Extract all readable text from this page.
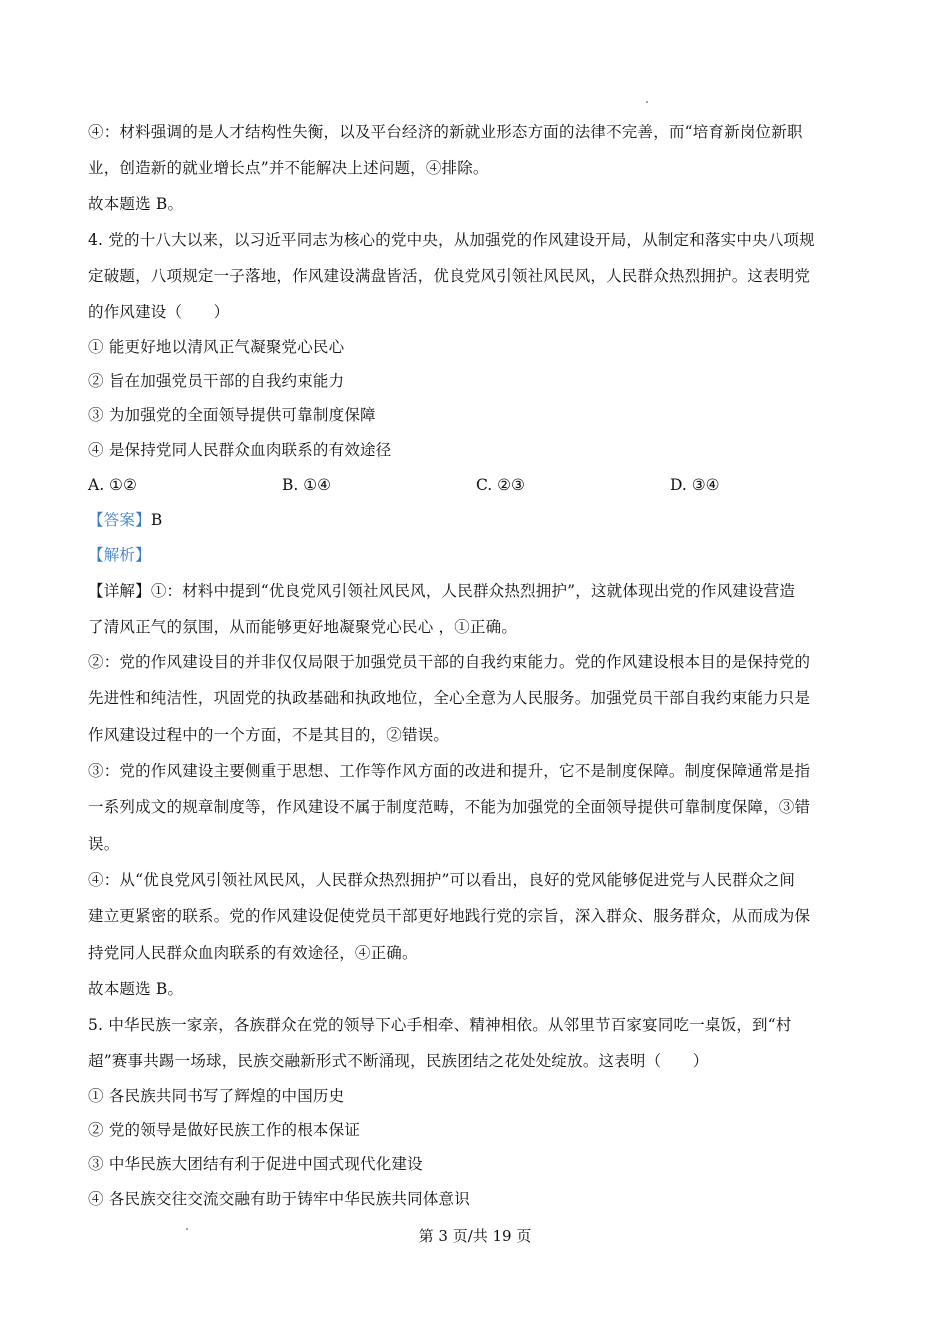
④：材料强调的是人才结构性失衡，以及平台经济的新就业形态方面的法律不完善，而“培育新岗位新职
业，创造新的就业增长点”并不能解决上述问题，④排除。
故本题选 B。
4. 党的十八大以来，以习近平同志为核心的党中央，从加强党的作风建设开局，从制定和落实中央八项规
定破题，八项规定一子落地，作风建设满盘皆活，优良党风引领社风民风，人民群众热烈拥护。这表明党
的作风建设（　　）
① 能更好地以清风正气凝聚党心民心
② 旨在加强党员干部的自我约束能力
③ 为加强党的全面领导提供可靠制度保障
④ 是保持党同人民群众血肉联系的有效途径
A. ①②	B. ①④	C. ②③	D. ③④
【答案】B
【解析】
【详解】①：材料中提到“优良党风引领社风民风，人民群众热烈拥护”，这就体现出党的作风建设营造
了清风正气的氛围，从而能够更好地凝聚党心民心 ，①正确。
②：党的作风建设目的并非仅仅局限于加强党员干部的自我约束能力。党的作风建设根本目的是保持党的
先进性和纯洁性，巩固党的执政基础和执政地位，全心全意为人民服务。加强党员干部自我约束能力只是
作风建设过程中的一个方面，不是其目的，②错误。
③：党的作风建设主要侧重于思想、工作等作风方面的改进和提升，它不是制度保障。制度保障通常是指
一系列成文的规章制度等，作风建设不属于制度范畴，不能为加强党的全面领导提供可靠制度保障，③错
误。
④：从“优良党风引领社风民风，人民群众热烈拥护”可以看出，良好的党风能够促进党与人民群众之间
建立更紧密的联系。党的作风建设促使党员干部更好地践行党的宗旨，深入群众、服务群众，从而成为保
持党同人民群众血肉联系的有效途径，④正确。
故本题选 B。
5. 中华民族一家亲，各族群众在党的领导下心手相牵、精神相依。从邻里节百家宴同吃一桌饭，到“村
超”赛事共踢一场球，民族交融新形式不断涌现，民族团结之花处处绽放。这表明（　　）
① 各民族共同书写了辉煌的中国历史
② 党的领导是做好民族工作的根本保证
③ 中华民族大团结有利于促进中国式现代化建设
④ 各民族交往交流交融有助于铸牢中华民族共同体意识
第 3 页/共 19 页
